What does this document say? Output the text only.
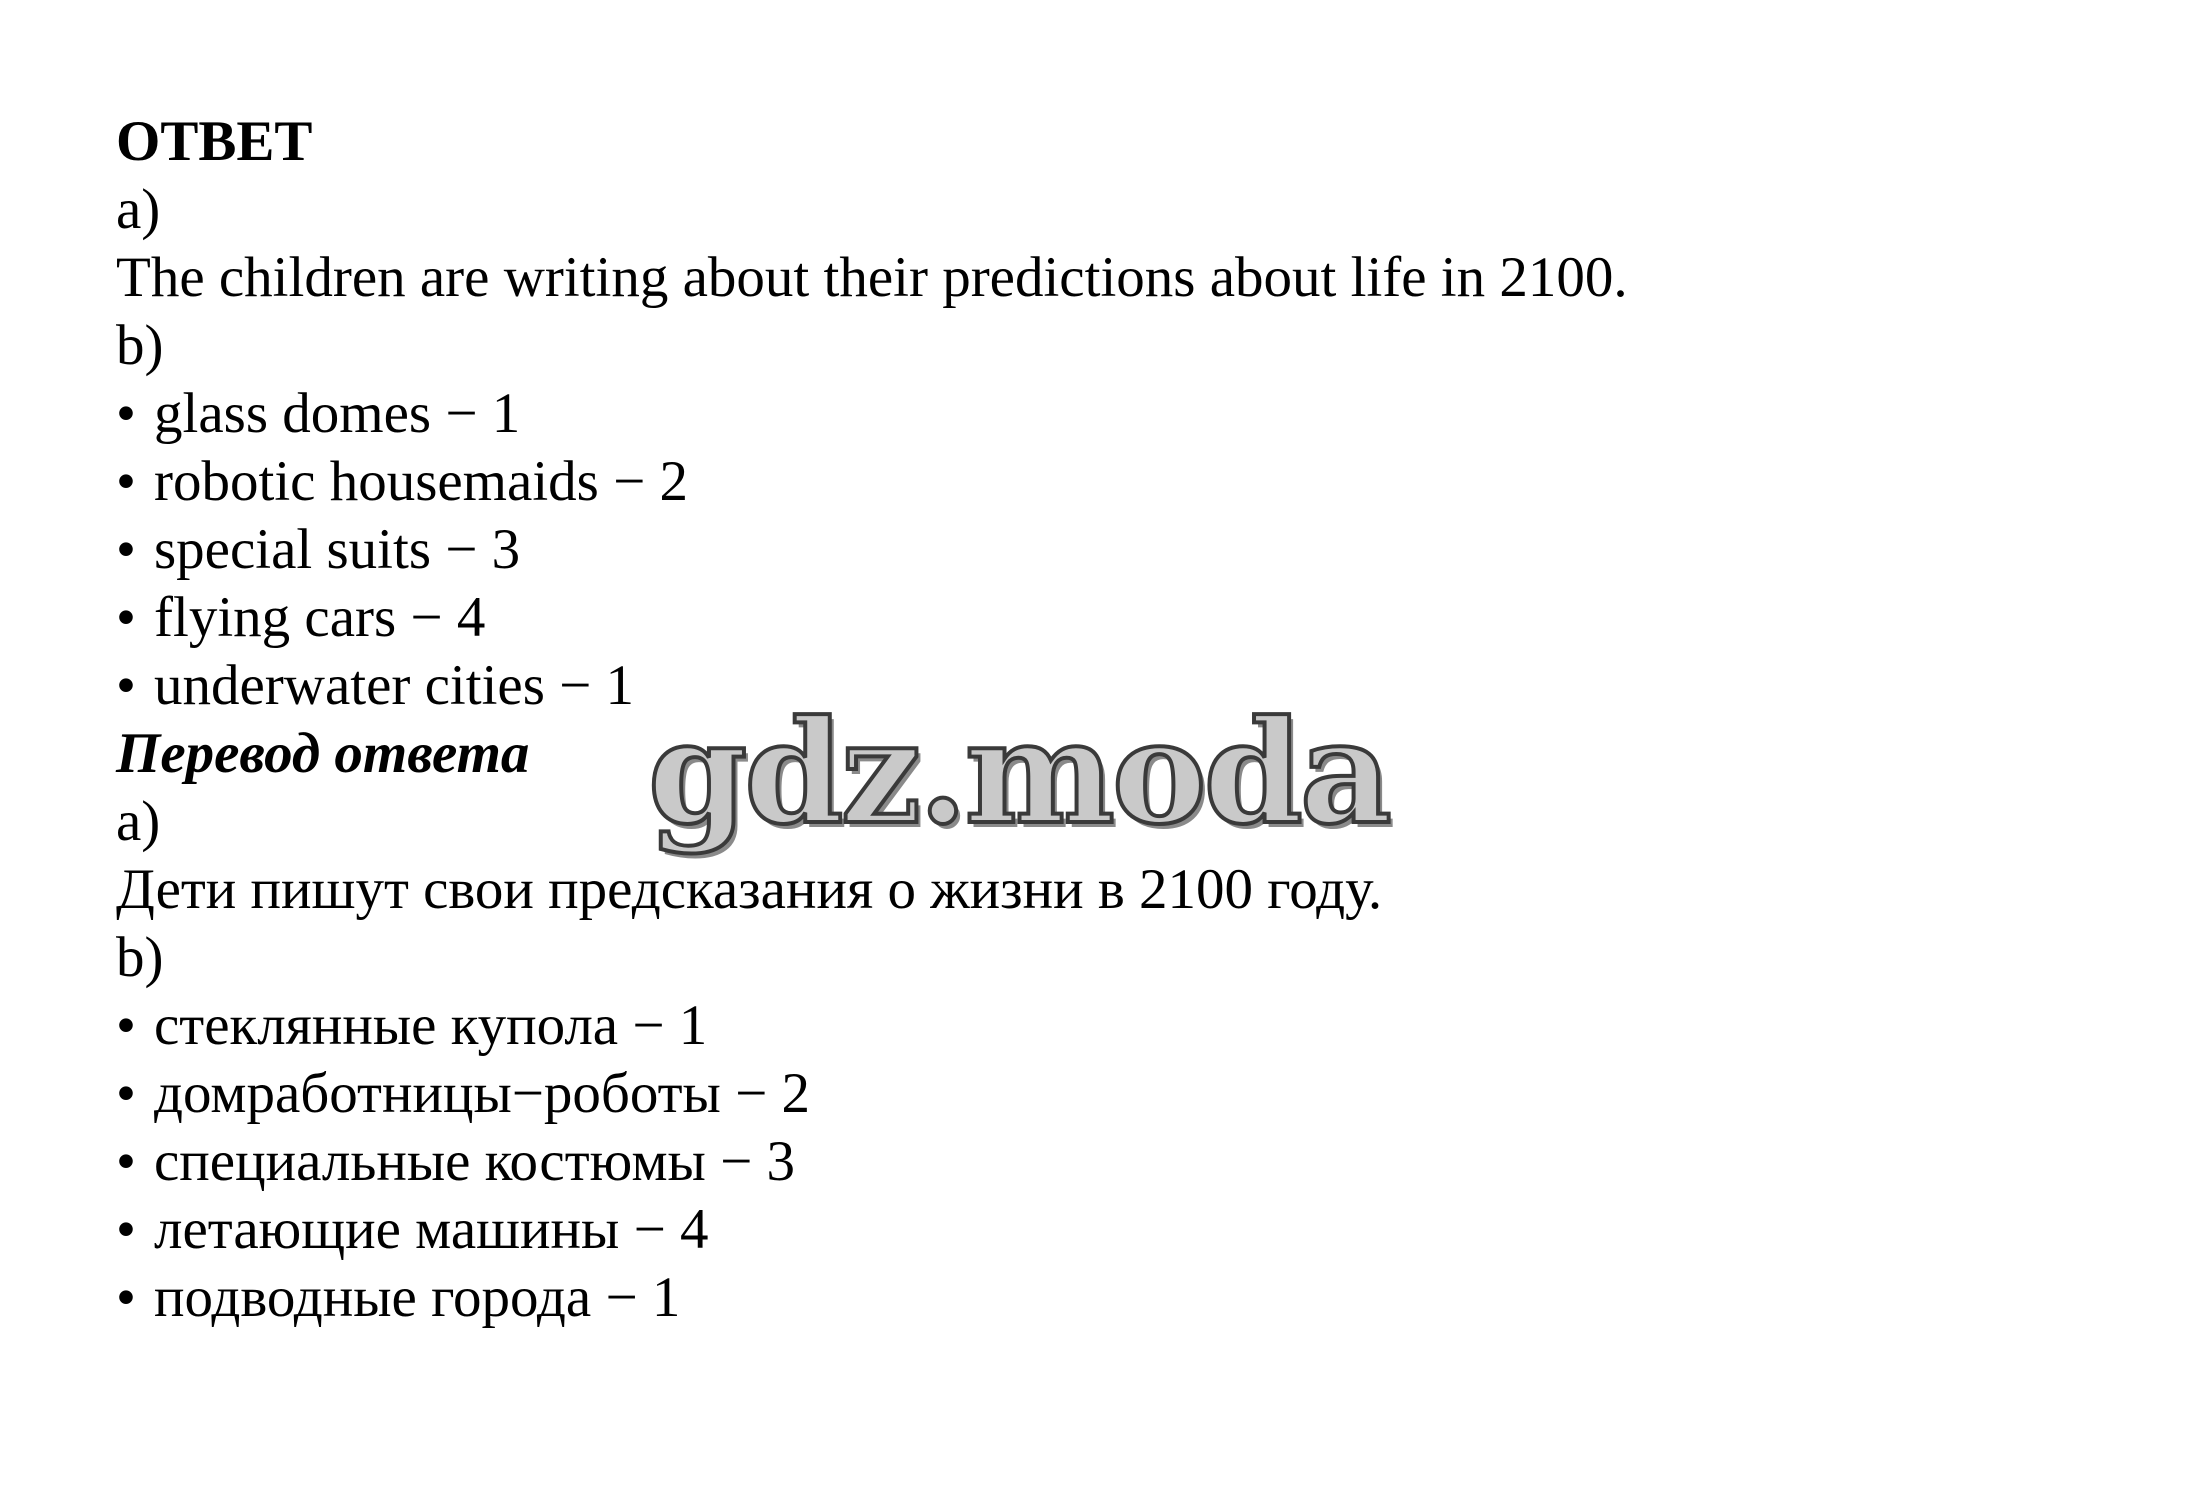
ОТВЕТ

a)

The children are writing about their predictions about life in 2100.

b)

• glass domes − 1

• robotic housemaids − 2

• special suits − 3

• flying cars − 4

• underwater cities − 1

Перевод ответа

a)

Дети пишут свои предсказания о жизни в 2100 году.

b)

• стеклянные купола − 1

• домработницы−роботы − 2

• специальные костюмы − 3

• летающие машины − 4

• подводные города − 1

gdz.moda
